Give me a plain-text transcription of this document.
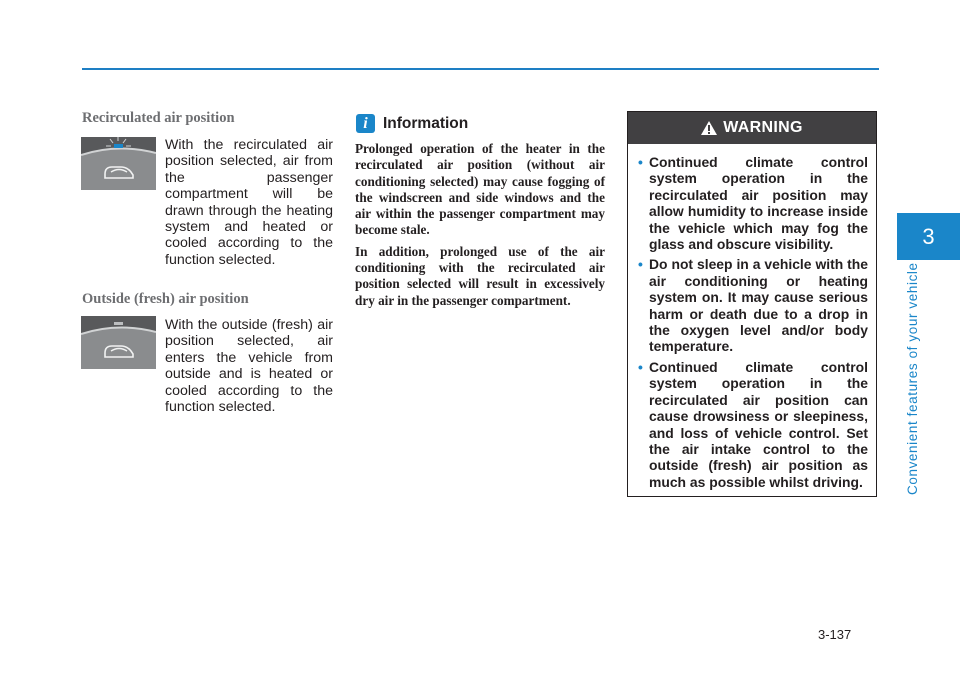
3
Convenient features of your vehicle
Recirculated air position

With the recirculated air position selected, air from the passenger compartment will be drawn through the heating system and heated or cooled according to the function selected.

Outside (fresh) air position

With the outside (fresh) air position selected, air enters the vehicle from outside and is heated or cooled according to the function selected.

i Information

Prolonged operation of the heater in the recirculated air position (without air conditioning selected) may cause fogging of the windscreen and side windows and the air within the passenger compartment may become stale.

In addition, prolonged use of the air conditioning with the recirculated air position selected will result in excessively dry air in the passenger compartment.

WARNING
• Continued climate control system operation in the recirculated air position may allow humidity to increase inside the vehicle which may fog the glass and obscure visibility.
• Do not sleep in a vehicle with the air conditioning or heating system on. It may cause serious harm or death due to a drop in the oxygen level and/or body temperature.
• Continued climate control system operation in the recirculated air position can cause drowsiness or sleepiness, and loss of vehicle control. Set the air intake control to the outside (fresh) air position as much as possible whilst driving.
3-137
